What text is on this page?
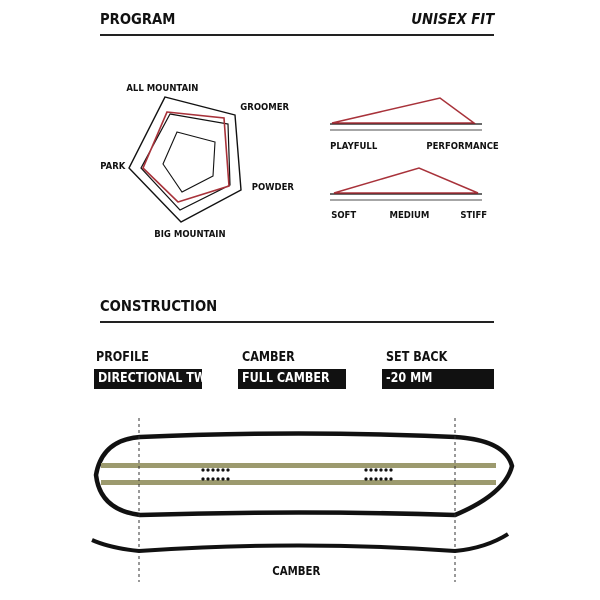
PROGRAM	UNISEX FIT
ALL MOUNTAIN
GROOMER
POWDER
BIG MOUNTAIN
PARK
PLAYFULL	PERFORMANCE
SOFT	MEDIUM	STIFF
CONSTRUCTION
PROFILE
DIRECTIONAL TWIN
CAMBER
FULL CAMBER
SET BACK
-20 MM
CAMBER
